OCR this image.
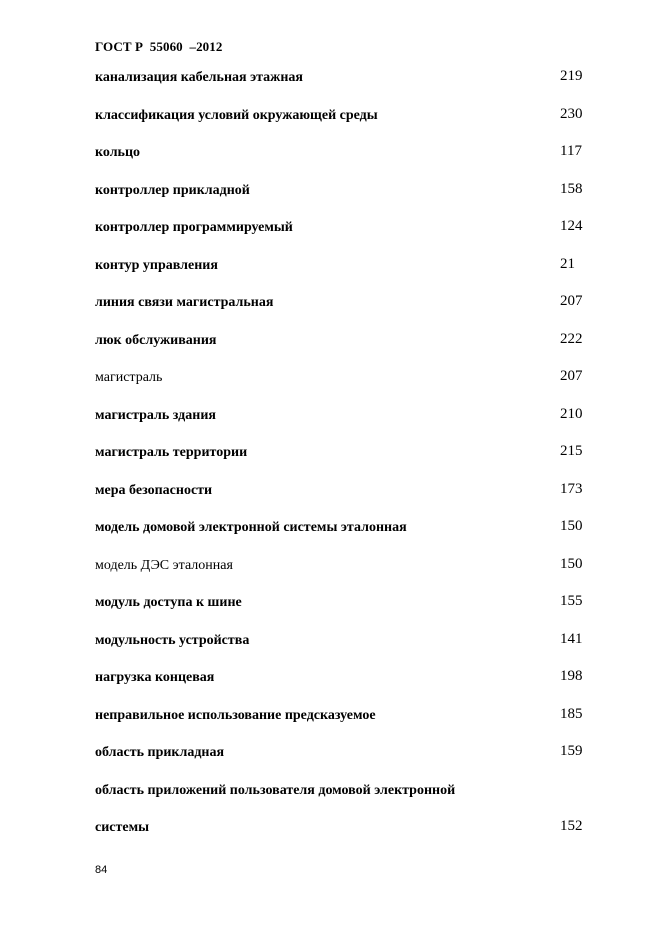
ГОСТ Р  55060  –2012
канализация кабельная этажная	219
классификация условий окружающей среды	230
кольцо	117
контроллер прикладной	158
контроллер программируемый	124
контур управления	21
линия связи магистральная	207
люк обслуживания	222
магистраль	207
магистраль здания	210
магистраль территории	215
мера безопасности	173
модель домовой электронной системы эталонная	150
модель ДЭС эталонная	150
модуль доступа к шине	155
модульность устройства	141
нагрузка концевая	198
неправильное использование предсказуемое	185
область прикладная	159
область приложений пользователя домовой электронной
системы	152
84
